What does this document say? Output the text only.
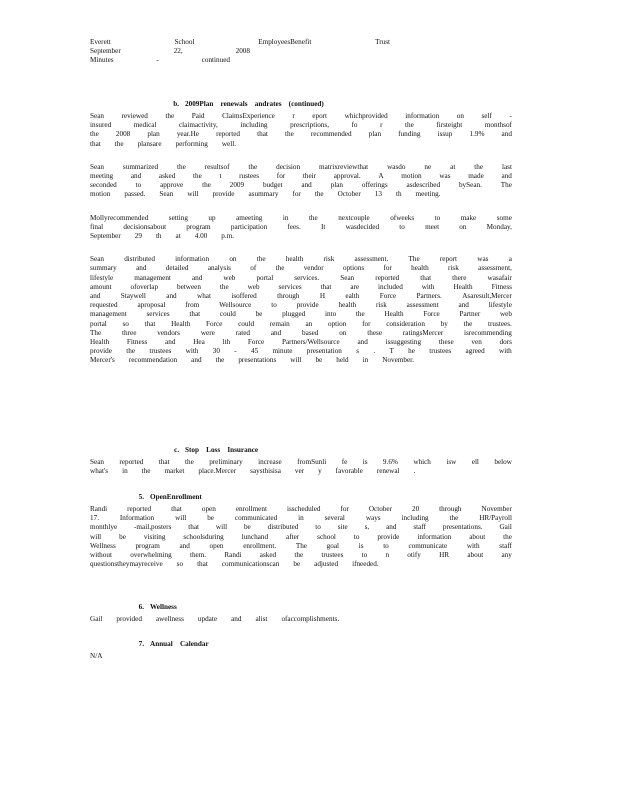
Everett	School	EmployeesBenefit	Trust
September	22,	2008
Minutes	-	continued
b. 2009Plan    renewals    andrates    (continued)
Sean reviewed the Paid ClaimsExperience r eport whichprovided information on self -
insured	medical	claimactivity,	including	prescriptions,	fo	r	the	firsteight	monthsof
the 2008 plan year.He reported that the recommended plan funding issup 1.9% and
that the plansare performing well.
Sean	summarized	the	resultsof	the	decision	matrixreviewthat	wasdo	ne	at	the	last
meeting and asked the t rustees for their approval. A motion was made and
seconded	to	approve	the	2009	budget	and	plan	offerings	asdescribed	bySean.	The
motion passed. Sean will provide asummary for the October 13 th meeting.
Mollyrecommended	setting	up	ameeting	in	the	nextcouple	ofweeks	to	make	some
final	decisionsabout	program	participation	fees.	It	wasdecided	to	meet	on	Monday,
September 29 th at 4.00 p.m.
Sean	distributed	information	on	the	health	risk	assessment.	The	report	was	a
summary	and	detailed	analysis	of	the	vendor	options	for	health	risk	assessment,
lifestyle	management	and	web	portal	services.	Sean	reported	that	there	wasafair
amount	ofoverlap	between	the	web	services	that	are	included	with	Health	Fitness
and	Staywell	and	what	isoffered	through	H	ealth	Force	Partners.	Asaresult,Mercer
requested	aproposal	from	Wellsource	to	provide	health	risk	assessment	and	lifestyle
management	services	that	could	be	plugged	into	the	Health	Force	Partner	web
portal so that Health Force could remain an option for consideration by the trustees.
The	three	vendors	were	rated	and	based	on	these	ratingsMercer	isrecommending
Health Fitness and Hea lth Force Partners/Wellsource and issuggesting these ven dors
provide the trustees with 30 - 45 minute presentation s . T he trustees agreed with
Mercer's recommendation and the presentations will be held in November.
c. Stop    Loss    Insurance
Sean reported that the preliminary increase fromSunli fe is 9.6% which isw ell below
what's in the market place.Mercer saysthisisa ver y favorable renewal .
5. OpenEnrollment
Randi	reported	that	open	enrollment	isscheduled	for	October	20	through	November
17.	Information	will	be	communicated	in	several	ways	including	the	HR/Payroll
monthlye -mail,posters that will be distributed to site s, and staff presentations. Gail
will be visiting schoolsduring lunchand after school to provide information about the
Wellness	program	and	open	enrollment.	The	goal	is	to	communicate	with	staff
without	overwhelming	them.	Randi	asked	the	trustees	to	n	otify	HR	about	any
questionstheymayreceive so that communicationscan be adjusted ifneeded.
6. Wellness
Gail provided awellness update and alist ofaccomplishments.
7. Annual    Calendar
N/A
